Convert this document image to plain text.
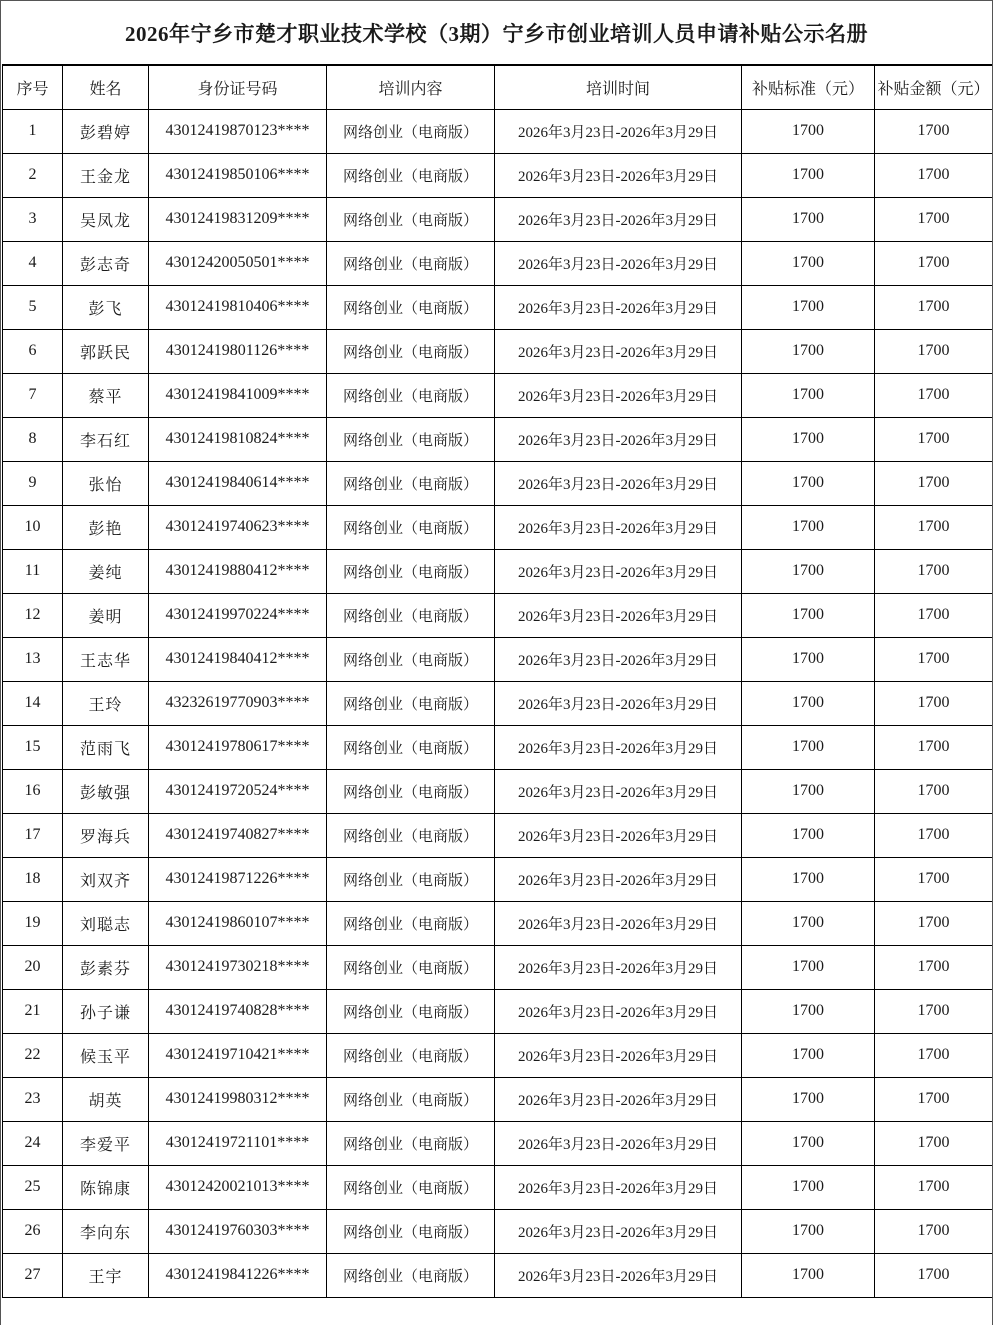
2026年宁乡市楚才职业技术学校（3期）宁乡市创业培训人员申请补贴公示名册
序号	姓名	身份证号码	培训内容	培训时间	补贴标准（元）	补贴金额（元）
1	彭碧婷	43012419870123****	网络创业（电商版）	2026年3月23日-2026年3月29日	1700	1700
2	王金龙	43012419850106****	网络创业（电商版）	2026年3月23日-2026年3月29日	1700	1700
3	吴凤龙	43012419831209****	网络创业（电商版）	2026年3月23日-2026年3月29日	1700	1700
4	彭志奇	43012420050501****	网络创业（电商版）	2026年3月23日-2026年3月29日	1700	1700
5	彭飞	43012419810406****	网络创业（电商版）	2026年3月23日-2026年3月29日	1700	1700
6	郭跃民	43012419801126****	网络创业（电商版）	2026年3月23日-2026年3月29日	1700	1700
7	蔡平	43012419841009****	网络创业（电商版）	2026年3月23日-2026年3月29日	1700	1700
8	李石红	43012419810824****	网络创业（电商版）	2026年3月23日-2026年3月29日	1700	1700
9	张怡	43012419840614****	网络创业（电商版）	2026年3月23日-2026年3月29日	1700	1700
10	彭艳	43012419740623****	网络创业（电商版）	2026年3月23日-2026年3月29日	1700	1700
11	姜纯	43012419880412****	网络创业（电商版）	2026年3月23日-2026年3月29日	1700	1700
12	姜明	43012419970224****	网络创业（电商版）	2026年3月23日-2026年3月29日	1700	1700
13	王志华	43012419840412****	网络创业（电商版）	2026年3月23日-2026年3月29日	1700	1700
14	王玲	43232619770903****	网络创业（电商版）	2026年3月23日-2026年3月29日	1700	1700
15	范雨飞	43012419780617****	网络创业（电商版）	2026年3月23日-2026年3月29日	1700	1700
16	彭敏强	43012419720524****	网络创业（电商版）	2026年3月23日-2026年3月29日	1700	1700
17	罗海兵	43012419740827****	网络创业（电商版）	2026年3月23日-2026年3月29日	1700	1700
18	刘双齐	43012419871226****	网络创业（电商版）	2026年3月23日-2026年3月29日	1700	1700
19	刘聪志	43012419860107****	网络创业（电商版）	2026年3月23日-2026年3月29日	1700	1700
20	彭素芬	43012419730218****	网络创业（电商版）	2026年3月23日-2026年3月29日	1700	1700
21	孙子谦	43012419740828****	网络创业（电商版）	2026年3月23日-2026年3月29日	1700	1700
22	候玉平	43012419710421****	网络创业（电商版）	2026年3月23日-2026年3月29日	1700	1700
23	胡英	43012419980312****	网络创业（电商版）	2026年3月23日-2026年3月29日	1700	1700
24	李爱平	43012419721101****	网络创业（电商版）	2026年3月23日-2026年3月29日	1700	1700
25	陈锦康	43012420021013****	网络创业（电商版）	2026年3月23日-2026年3月29日	1700	1700
26	李向东	43012419760303****	网络创业（电商版）	2026年3月23日-2026年3月29日	1700	1700
27	王宇	43012419841226****	网络创业（电商版）	2026年3月23日-2026年3月29日	1700	1700
